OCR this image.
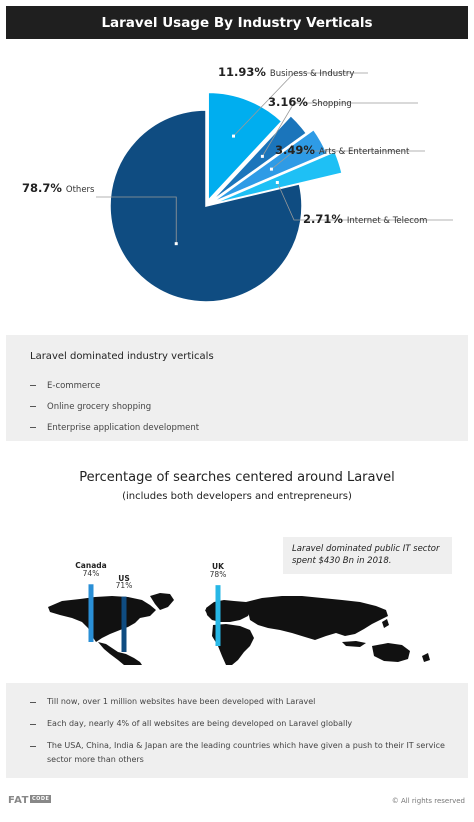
Laravel Usage By Industry Verticals
11.93% Business & Industry
3.16% Shopping
3.49% Arts & Entertainment
2.71% Internet & Telecom
78.7% Others
Laravel dominated industry verticals
E-commerce
Online grocery shopping
Enterprise application development
Percentage of searches centered around Laravel
(includes both developers and entrepreneurs)
Canada
74%	US
71%
UK
78%
Laravel dominated public IT sector spent $430 Bn in 2018.
Till now, over 1 million websites have been developed with Laravel
Each day, nearly 4% of all websites are being developed on Laravel globally
The USA, China, India & Japan are the leading countries which have given a push to their IT service sector more than others
FAT CODE	© All rights reserved
